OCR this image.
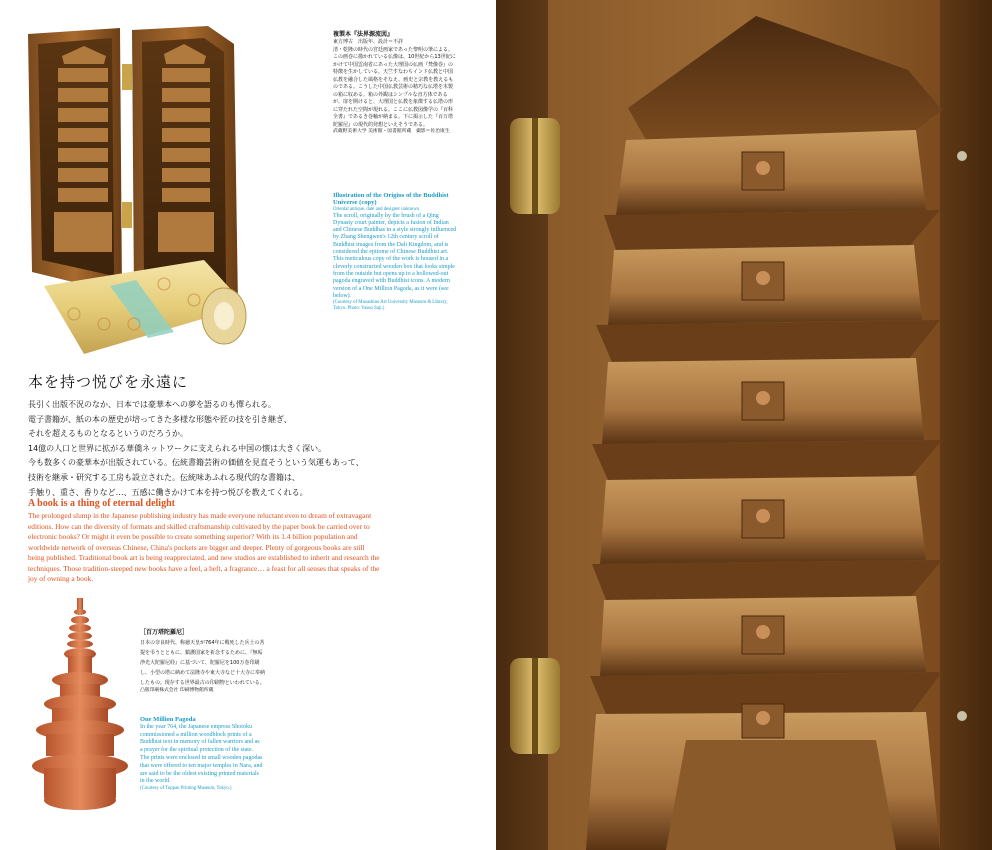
複製本『法界源流図』
東方博古　出版年、設計＝不詳
清・乾隆の時代の宮廷画家であった黎明の筆による。この画巻に描かれている仏像は、10世紀から13世紀にかけて中国雲南省にあった大理国の仏画『梵像巻』の特徴を生かしている。天竺すなわちインド仏教と中国仏教を融合した風格をそなえ、画史と宗教を教えるものである。こうした中国仏教芸術の精巧な仏塔を木製の箱に収める。箱の外観はシンプルな直方体であるが、扉を開けると、大理国と仏教を象徴する仏塔の形に穿たれた空間が現れる。ここに仏教図像学の『百科全書』であるき巻軸が納まる。下に掲示した『百万塔陀羅尼』の現代的発想といえそうである。
武蔵野美術大学 美術館・図書館所蔵　撮影＝佐治康生
Illustration of the Origins of the Buddhist Universe (copy)
Oriental antique, date and designer unknown
The scroll, originally by the brush of a Qing Dynasty court painter, depicts a fusion of Indian and Chinese Buddhas in a style strongly influenced by Zhang Shengwen's 12th century scroll of Buddhist images from the Dali Kingdom, and is considered the epitome of Chinese Buddhist art. This meticulous copy of the work is housed in a cleverly constructed wooden box that looks simple from the outside but opens up to a hollowed-out pagoda engraved with Buddhist icons. A modern version of a One Million Pagoda, as it were (see below).
(Courtesy of Musashino Art University Museum & Library, Tokyo. Photo: Yasuo Saji.)
本を持つ悦びを永遠に
長引く出版不況のなか、日本では豪華本への夢を語るのも憚られる。
電子書籍が、紙の本の歴史が培ってきた多様な形態や匠の技を引き継ぎ、
それを超えるものとなるというのだろうか。
14億の人口と世界に拡がる華僑ネットワークに支えられる中国の懐は大きく深い。
今も数多くの豪華本が出版されている。伝統書籍芸術の価値を見直そうという気運もあって、
技術を継承・研究する工房も設立された。伝統味あふれる現代的な書籍は、
手触り、重さ、香りなど…、五感に働きかけて本を持つ悦びを教えてくれる。
A book is a thing of eternal delight
The prolonged slump in the Japanese publishing industry has made everyone reluctant even to dream of extravagant editions. How can the diversity of formats and skilled craftsmanship cultivated by the paper book be carried over to electronic books? Or might it even be possible to create something superior? With its 1.4 billion population and worldwide network of overseas Chinese, China's pockets are bigger and deeper. Plenty of gorgeous books are still being published. Traditional book art is being reappreciated, and new studios are established to inherit and research the techniques. Those tradition-steeped new books have a feel, a heft, a fragrance… a feast for all senses that speaks of the joy of owning a book.
［百万塔陀羅尼］
日本の奈良時代、称徳天皇が764年に戦死した兵士の菩提を弔うとともに、鎮護国家を祈念するために、『無垢浄光大陀羅尼経』に基づいて、陀羅尼を100万巻印刷し、小型の塔に納めて法隆寺や東大寺など十大寺に奉納したもの。現存する世界最古の印刷物といわれている。
凸版印刷株式会社 印刷博物館所蔵
One Million Pagoda
In the year 764, the Japanese empress Shotoku commissioned a million woodblock prints of a Buddhist text in memory of fallen warriors and as a prayer for the spiritual protection of the state. The prints were enclosed in small wooden pagodas that were offered to ten major temples in Nara, and are said to be the oldest existing printed materials in the world.
(Courtesy of Toppan Printing Museum, Tokyo.)
